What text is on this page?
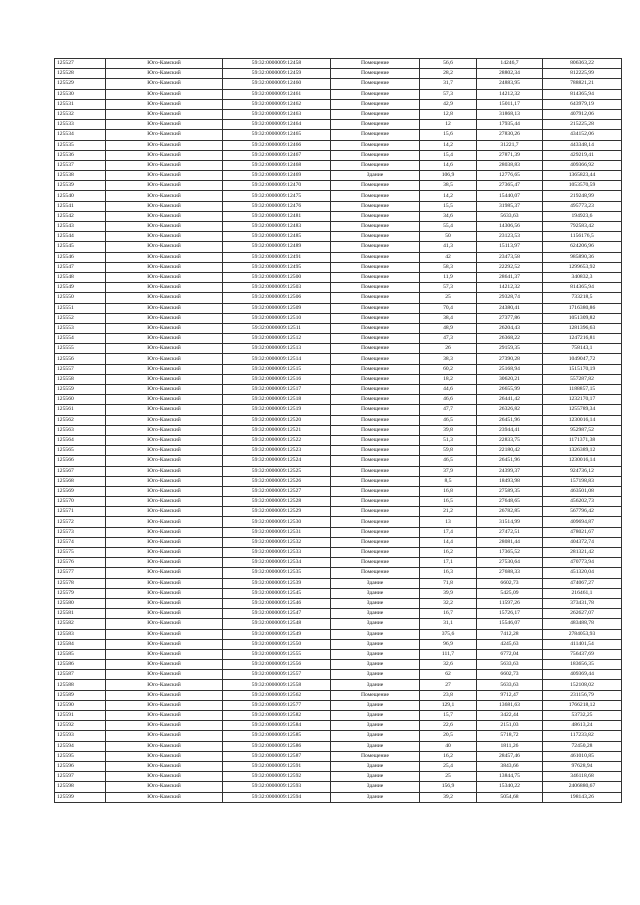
125527	Юго-Камский	59:32:0000009:12458	Помещение	56,6	14246,7	806363,22
125528	Юго-Камский	59:32:0000009:12459	Помещение	28,2	28802,34	812225,99
125529	Юго-Камский	59:32:0000009:12460	Помещение	31,7	24883,95	788821,21
125530	Юго-Камский	59:32:0000009:12461	Помещение	57,3	14212,32	814365,94
125531	Юго-Камский	59:32:0000009:12462	Помещение	42,9	15011,17	643979,19
125532	Юго-Камский	59:32:0000009:12463	Помещение	12,8	31868,13	407912,06
125533	Юго-Камский	59:32:0000009:12464	Помещение	12	17935,44	215225,28
125534	Юго-Камский	59:32:0000009:12465	Помещение	15,6	27830,26	434152,06
125535	Юго-Камский	59:32:0000009:12466	Помещение	14,2	31221,7	443348,14
125536	Юго-Камский	59:32:0000009:12467	Помещение	15,4	27871,39	429219,41
125537	Юго-Камский	59:32:0000009:12468	Помещение	14,6	28038,83	409366,92
125538	Юго-Камский	59:32:0000009:12469	Здание	106,9	12776,65	1365823,44
125539	Юго-Камский	59:32:0000009:12470	Помещение	38,5	27365,47	1053570,59
125540	Юго-Камский	59:32:0000009:12475	Помещение	14,2	15440,07	219248,99
125541	Юго-Камский	59:32:0000009:12476	Помещение	15,5	31985,37	495773,23
125542	Юго-Камский	59:32:0000009:12481	Помещение	34,6	5633,63	194923,6
125543	Юго-Камский	59:32:0000009:12483	Помещение	55,4	14306,56	792583,42
125544	Юго-Камский	59:32:0000009:12485	Помещение	50	23123,53	1156176,5
125545	Юго-Камский	59:32:0000009:12489	Помещение	41,3	15113,97	624206,96
125546	Юго-Камский	59:32:0000009:12491	Помещение	42	23473,58	985890,36
125547	Юго-Камский	59:32:0000009:12495	Помещение	58,3	22292,52	1299653,92
125548	Юго-Камский	59:32:0000009:12500	Помещение	11,9	28641,37	340832,3
125549	Юго-Камский	59:32:0000009:12503	Помещение	57,3	14212,32	814365,94
125550	Юго-Камский	59:32:0000009:12506	Помещение	25	29328,74	733218,5
125551	Юго-Камский	59:32:0000009:12509	Помещение	70,4	24380,41	1716380,86
125552	Юго-Камский	59:32:0000009:12510	Помещение	38,4	27377,86	1051309,82
125553	Юго-Камский	59:32:0000009:12511	Помещение	48,9	26204,43	1281396,63
125554	Юго-Камский	59:32:0000009:12512	Помещение	47,3	26368,22	1247216,81
125555	Юго-Камский	59:32:0000009:12513	Помещение	26	29159,35	758143,1
125556	Юго-Камский	59:32:0000009:12514	Помещение	38,3	27390,28	1049047,72
125557	Юго-Камский	59:32:0000009:12515	Помещение	60,2	25168,94	1515170,19
125558	Юго-Камский	59:32:0000009:12516	Помещение	18,2	30620,21	557287,82
125559	Юго-Камский	59:32:0000009:12517	Помещение	44,6	26655,99	1188857,15
125560	Юго-Камский	59:32:0000009:12518	Помещение	46,6	26441,42	1232170,17
125561	Юго-Камский	59:32:0000009:12519	Помещение	47,7	26326,82	1255789,34
125562	Юго-Камский	59:32:0000009:12520	Помещение	46,5	26451,96	1230016,14
125563	Юго-Камский	59:32:0000009:12521	Помещение	39,8	23944,41	952987,52
125564	Юго-Камский	59:32:0000009:12522	Помещение	51,3	22833,75	1171371,38
125565	Юго-Камский	59:32:0000009:12523	Помещение	59,8	22180,42	1326389,12
125566	Юго-Камский	59:32:0000009:12524	Помещение	46,5	26451,96	1230016,14
125567	Юго-Камский	59:32:0000009:12525	Помещение	37,9	24399,37	924736,12
125568	Юго-Камский	59:32:0000009:12526	Помещение	8,5	18493,98	157198,83
125569	Юго-Камский	59:32:0000009:12527	Помещение	16,8	27589,35	463501,08
125570	Юго-Камский	59:32:0000009:12528	Помещение	16,5	27648,65	456202,73
125571	Юго-Камский	59:32:0000009:12529	Помещение	21,2	26782,85	567796,42
125572	Юго-Камский	59:32:0000009:12530	Помещение	13	31514,99	409694,87
125573	Юго-Камский	59:32:0000009:12531	Помещение	17,4	27472,51	478021,67
125574	Юго-Камский	59:32:0000009:12532	Помещение	14,4	28081,44	404372,74
125575	Юго-Камский	59:32:0000009:12533	Помещение	16,2	17365,52	281321,42
125576	Юго-Камский	59:32:0000009:12534	Помещение	17,1	27530,64	470773,94
125577	Юго-Камский	59:32:0000009:12535	Помещение	16,3	27688,33	451320,04
125578	Юго-Камский	59:32:0000009:12539	Здание	71,8	6602,73	474067,27
125579	Юго-Камский	59:32:0000009:12545	Здание	39,9	5425,09	216461,1
125580	Юго-Камский	59:32:0000009:12546	Здание	32,2	11597,26	373431,78
125581	Юго-Камский	59:32:0000009:12547	Здание	16,7	15726,17	262627,07
125582	Юго-Камский	59:32:0000009:12548	Здание	31,1	15546,07	483488,78
125583	Юго-Камский	59:32:0000009:12549	Здание	375,6	7412,28	2784053,93
125584	Юго-Камский	59:32:0000009:12550	Здание	96,9	4245,63	411401,54
125585	Юго-Камский	59:32:0000009:12555	Здание	111,7	6772,04	756437,69
125586	Юго-Камский	59:32:0000009:12556	Здание	32,6	5633,63	183656,35
125587	Юго-Камский	59:32:0000009:12557	Здание	62	6602,73	409369,44
125588	Юго-Камский	59:32:0000009:12558	Здание	27	5633,63	152108,02
125589	Юго-Камский	59:32:0000009:12562	Помещение	23,8	9712,47	231156,79
125590	Юго-Камский	59:32:0000009:12577	Здание	129,1	13681,63	1766218,12
125591	Юго-Камский	59:32:0000009:12582	Здание	15,7	3422,44	53732,25
125592	Юго-Камский	59:32:0000009:12584	Здание	22,6	2151,03	48613,24
125593	Юго-Камский	59:32:0000009:12585	Здание	20,5	5718,72	117233,82
125594	Юго-Камский	59:32:0000009:12586	Здание	40	1811,26	72450,28
125595	Юго-Камский	59:32:0000009:12587	Помещение	16,2	28457,46	461010,85
125596	Юго-Камский	59:32:0000009:12591	Здание	25,4	3843,66	97628,94
125597	Юго-Камский	59:32:0000009:12592	Здание	25	13844,75	346118,68
125598	Юго-Камский	59:32:0000009:12593	Здание	156,9	15340,22	2406880,67
125599	Юго-Камский	59:32:0000009:12594	Здание	39,2	5054,68	198143,26
